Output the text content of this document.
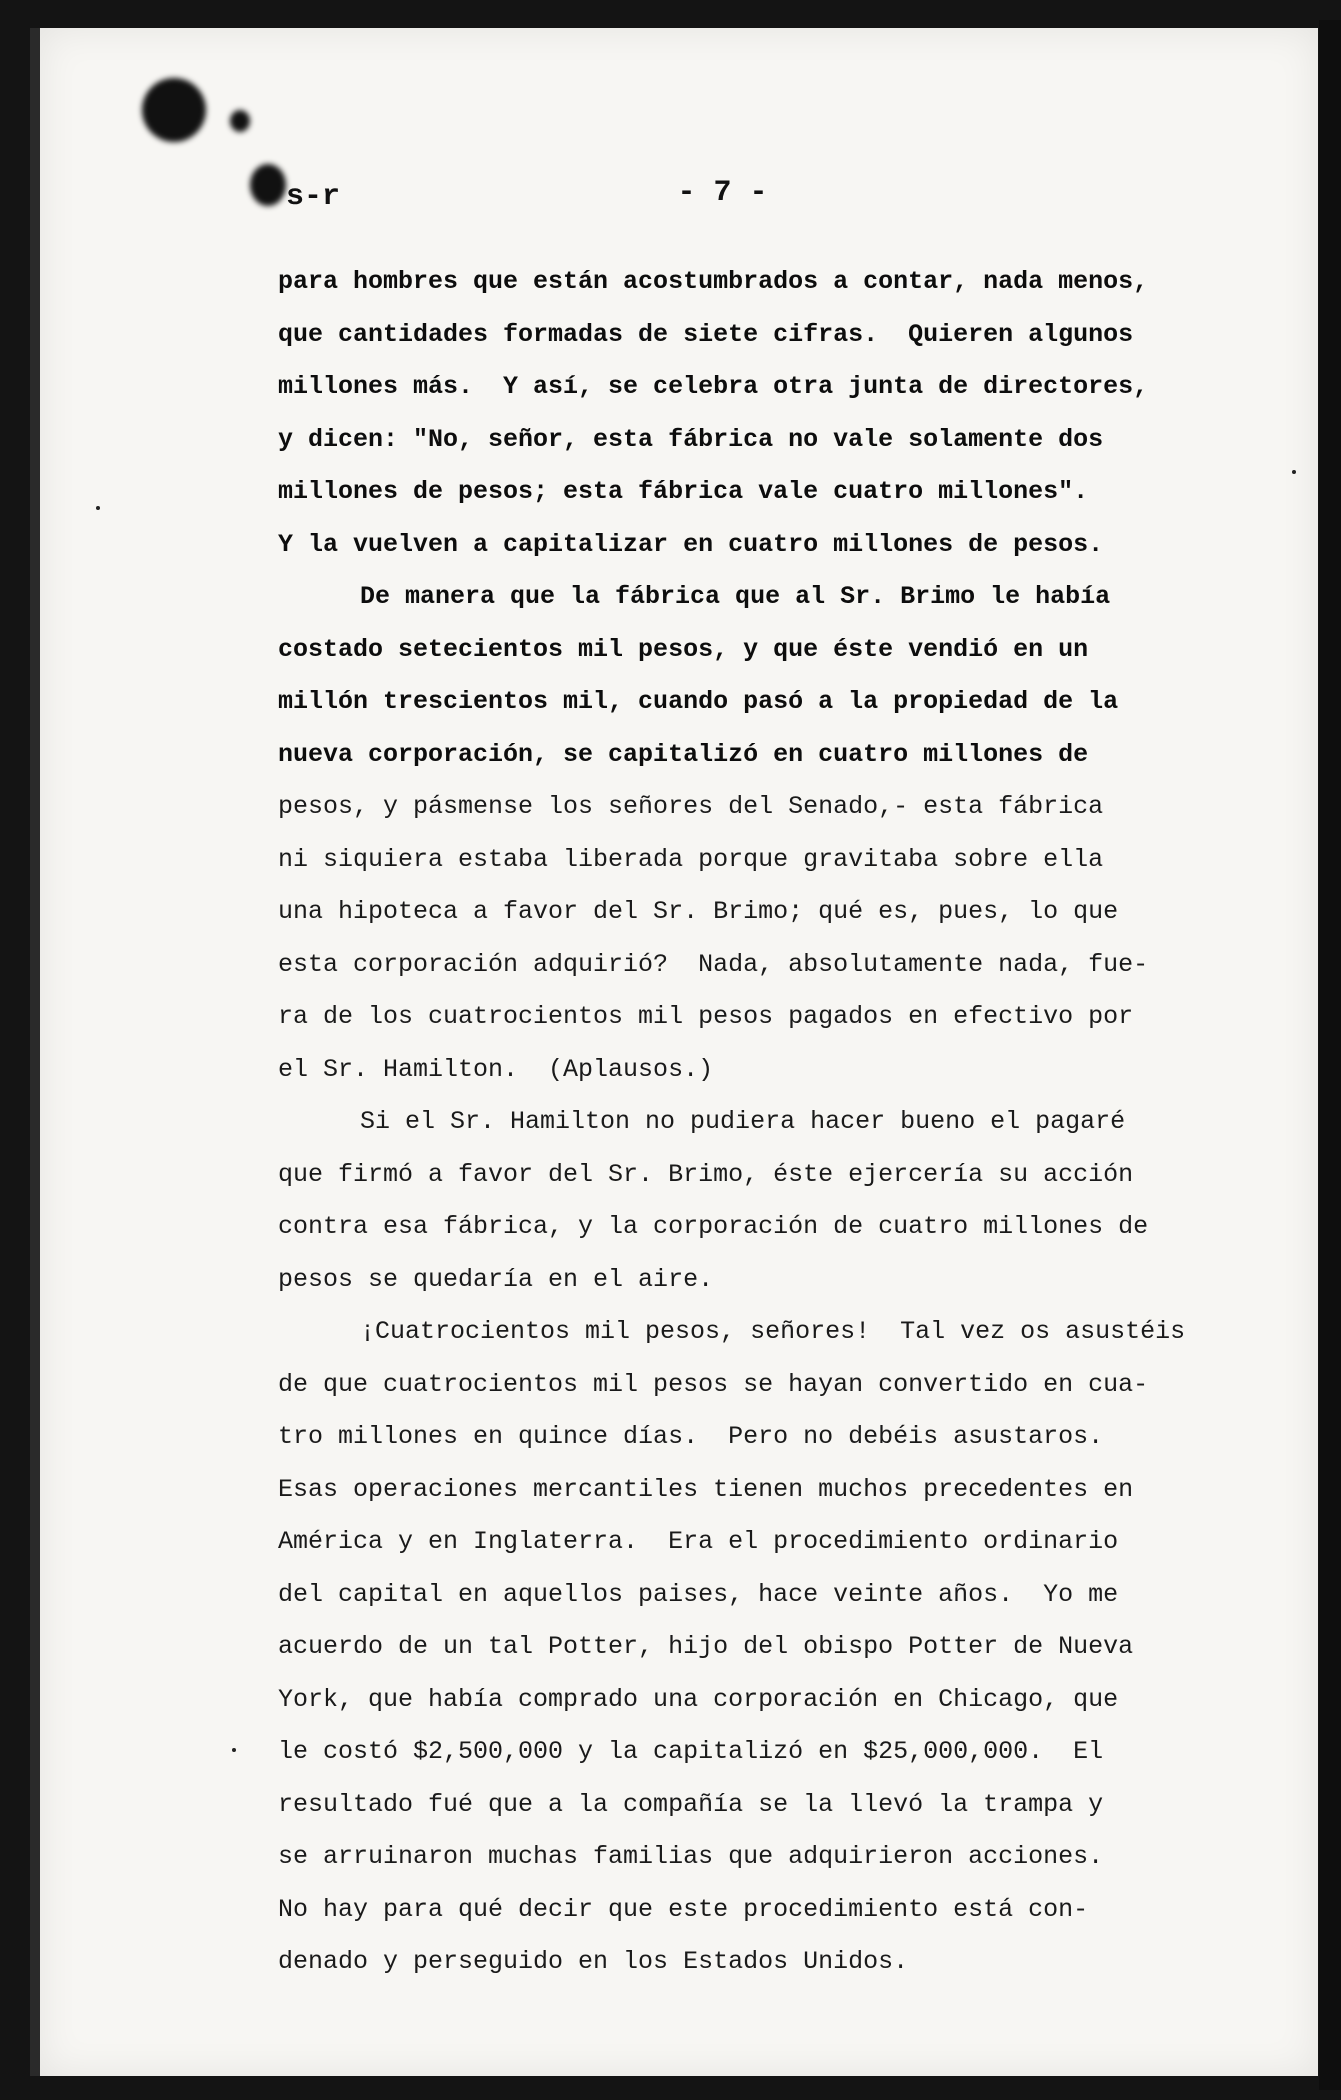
s-r	- 7 -
para hombres que están acostumbrados a contar, nada menos,
que cantidades formadas de siete cifras.  Quieren algunos
millones más.  Y así, se celebra otra junta de directores,
y dicen: "No, señor, esta fábrica no vale solamente dos
millones de pesos; esta fábrica vale cuatro millones".
Y la vuelven a capitalizar en cuatro millones de pesos.
De manera que la fábrica que al Sr. Brimo le había
costado setecientos mil pesos, y que éste vendió en un
millón trescientos mil, cuando pasó a la propiedad de la
nueva corporación, se capitalizó en cuatro millones de
pesos, y pásmense los señores del Senado,- esta fábrica
ni siquiera estaba liberada porque gravitaba sobre ella
una hipoteca a favor del Sr. Brimo; qué es, pues, lo que
esta corporación adquirió?  Nada, absolutamente nada, fue-
ra de los cuatrocientos mil pesos pagados en efectivo por
el Sr. Hamilton.  (Aplausos.)
Si el Sr. Hamilton no pudiera hacer bueno el pagaré
que firmó a favor del Sr. Brimo, éste ejercería su acción
contra esa fábrica, y la corporación de cuatro millones de
pesos se quedaría en el aire.
¡Cuatrocientos mil pesos, señores!  Tal vez os asustéis
de que cuatrocientos mil pesos se hayan convertido en cua-
tro millones en quince días.  Pero no debéis asustaros.
Esas operaciones mercantiles tienen muchos precedentes en
América y en Inglaterra.  Era el procedimiento ordinario
del capital en aquellos paises, hace veinte años.  Yo me
acuerdo de un tal Potter, hijo del obispo Potter de Nueva
York, que había comprado una corporación en Chicago, que
le costó $2,500,000 y la capitalizó en $25,000,000.  El
resultado fué que a la compañía se la llevó la trampa y
se arruinaron muchas familias que adquirieron acciones.
No hay para qué decir que este procedimiento está con-
denado y perseguido en los Estados Unidos.
